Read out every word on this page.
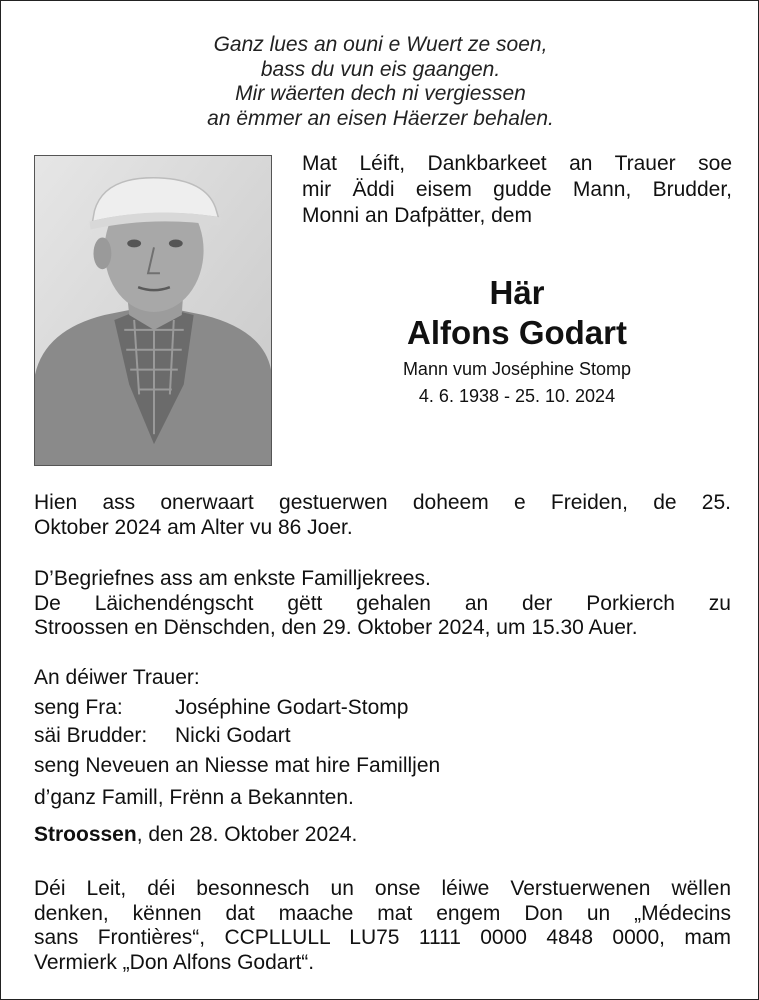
Ganz lues an ouni e Wuert ze soen,
bass du vun eis gaangen.
Mir wäerten dech ni vergiessen
an ëmmer an eisen Häerzer behalen.
Mat Léift, Dankbarkeet an Trauer soe
mir Äddi eisem gudde Mann, Brudder,
Monni an Dafpätter, dem
Här
Alfons Godart
Mann vum Joséphine Stomp
4. 6. 1938 - 25. 10. 2024
Hien ass onerwaart gestuerwen doheem e Freiden, de 25.
Oktober 2024 am Alter vu 86 Joer.
D’Begriefnes ass am enkste Familljekrees.
De Läichendéngscht gëtt gehalen an der Porkierch zu
Stroossen en Dënschden, den 29. Oktober 2024, um 15.30 Auer.
An déiwer Trauer:
seng Fra:	Joséphine Godart-Stomp
säi Brudder:	Nicki Godart
seng Neveuen an Niesse mat hire Familljen
d’ganz Famill, Frënn a Bekannten.
Stroossen, den 28. Oktober 2024.
Déi Leit, déi besonnesch un onse léiwe Verstuerwenen wëllen
denken, kënnen dat maache mat engem Don un „Médecins
sans Frontières“, CCPLLULL LU75 1111 0000 4848 0000, mam
Vermierk „Don Alfons Godart“.
